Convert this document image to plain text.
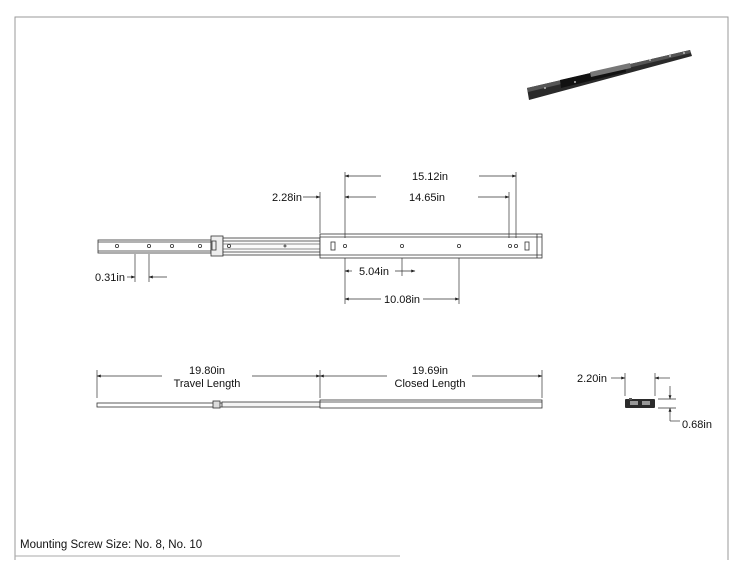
15.12in
14.65in
2.28in
0.31in	5.04in
10.08in
19.80in
Travel Length
19.69in
Closed Length	2.20in
0.68in
Mounting Screw Size: No. 8, No. 10
